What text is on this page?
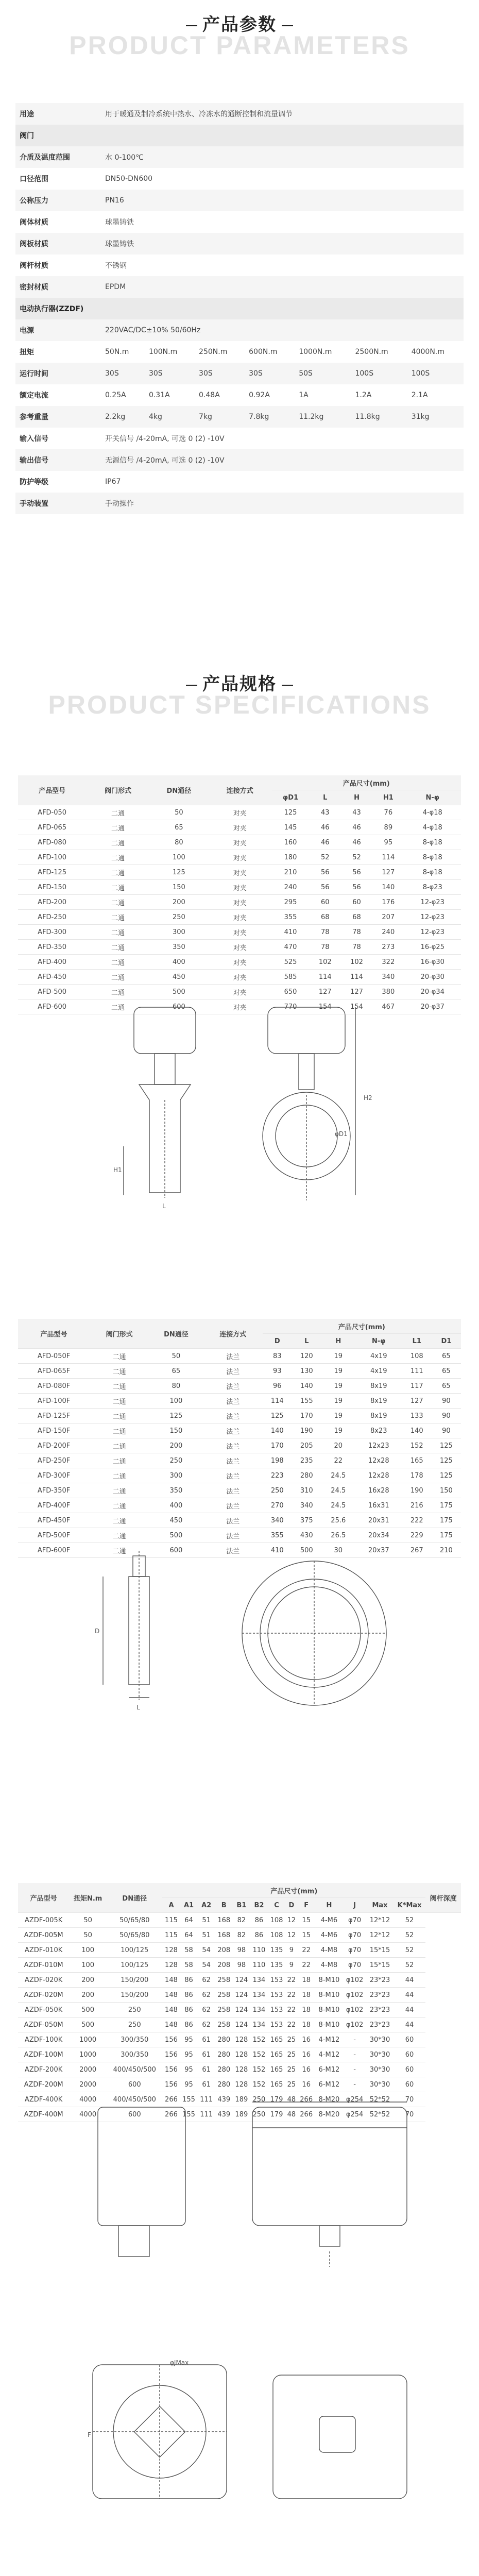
产品参数
PRODUCT PARAMETERS
用途	用于暖通及制冷系统中热水、冷冻水的通断控制和流量调节						
阀门							
介质及温度范围	水 0-100℃						
口径范围	DN50-DN600						
公称压力	PN16						
阀体材质	球墨铸铁						
阀板材质	球墨铸铁						
阀杆材质	不锈钢						
密封材质	EPDM						
电动执行器(ZZDF)							
电源	220VAC/DC±10% 50/60Hz						
扭矩	50N.m	100N.m	250N.m	600N.m	1000N.m	2500N.m	4000N.m
运行时间	30S	30S	30S	30S	50S	100S	100S
额定电流	0.25A	0.31A	0.48A	0.92A	1A	1.2A	2.1A
参考重量	2.2kg	4kg	7kg	7.8kg	11.2kg	11.8kg	31kg
输入信号	开关信号 /4-20mA, 可选 0 (2) -10V						
输出信号	无源信号 /4-20mA, 可选 0 (2) -10V						
防护等级	IP67						
手动装置	手动操作						
产品规格
PRODUCT SPECIFICATIONS
产品型号	阀门形式	DN通径	连接方式	产品尺寸(mm)				
				φD1	L	H	H1	N-φ
AFD-050	二通	50	对夹	125	43	43	76	4-φ18
AFD-065	二通	65	对夹	145	46	46	89	4-φ18
AFD-080	二通	80	对夹	160	46	46	95	8-φ18
AFD-100	二通	100	对夹	180	52	52	114	8-φ18
AFD-125	二通	125	对夹	210	56	56	127	8-φ18
AFD-150	二通	150	对夹	240	56	56	140	8-φ23
AFD-200	二通	200	对夹	295	60	60	176	12-φ23
AFD-250	二通	250	对夹	355	68	68	207	12-φ23
AFD-300	二通	300	对夹	410	78	78	240	12-φ23
AFD-350	二通	350	对夹	470	78	78	273	16-φ25
AFD-400	二通	400	对夹	525	102	102	322	16-φ30
AFD-450	二通	450	对夹	585	114	114	340	20-φ30
AFD-500	二通	500	对夹	650	127	127	380	20-φ34
AFD-600	二通	600	对夹	770	154	154	467	20-φ37
H2
H1
φD1
L
产品型号	阀门形式	DN通径	连接方式	产品尺寸(mm)					
				D	L	H	N-φ	L1	D1
AFD-050F	二通	50	法兰	83	120	19	4x19	108	65
AFD-065F	二通	65	法兰	93	130	19	4x19	111	65
AFD-080F	二通	80	法兰	96	140	19	8x19	117	65
AFD-100F	二通	100	法兰	114	155	19	8x19	127	90
AFD-125F	二通	125	法兰	125	170	19	8x19	133	90
AFD-150F	二通	150	法兰	140	190	19	8x23	140	90
AFD-200F	二通	200	法兰	170	205	20	12x23	152	125
AFD-250F	二通	250	法兰	198	235	22	12x28	165	125
AFD-300F	二通	300	法兰	223	280	24.5	12x28	178	125
AFD-350F	二通	350	法兰	250	310	24.5	16x28	190	150
AFD-400F	二通	400	法兰	270	340	24.5	16x31	216	175
AFD-450F	二通	450	法兰	340	375	25.6	20x31	222	175
AFD-500F	二通	500	法兰	355	430	26.5	20x34	229	175
AFD-600F	二通	600	法兰	410	500	30	20x37	267	210
D
L
产品型号	扭矩N.m	DN通径	产品尺寸(mm)													阀杆深度
			A	A1	A2	B	B1	B2	C	D	F	H	J	Max	K*Max	
AZDF-005K	50	50/65/80	115	64	51	168	82	86	108	12	15	4-M6	φ70	12*12	52	
AZDF-005M	50	50/65/80	115	64	51	168	82	86	108	12	15	4-M6	φ70	12*12	52	
AZDF-010K	100	100/125	128	58	54	208	98	110	135	9	22	4-M8	φ70	15*15	52	
AZDF-010M	100	100/125	128	58	54	208	98	110	135	9	22	4-M8	φ70	15*15	52	
AZDF-020K	200	150/200	148	86	62	258	124	134	153	22	18	8-M10	φ102	23*23	44	
AZDF-020M	200	150/200	148	86	62	258	124	134	153	22	18	8-M10	φ102	23*23	44	
AZDF-050K	500	250	148	86	62	258	124	134	153	22	18	8-M10	φ102	23*23	44	
AZDF-050M	500	250	148	86	62	258	124	134	153	22	18	8-M10	φ102	23*23	44	
AZDF-100K	1000	300/350	156	95	61	280	128	152	165	25	16	4-M12	-	30*30	60	
AZDF-100M	1000	300/350	156	95	61	280	128	152	165	25	16	4-M12	-	30*30	60	
AZDF-200K	2000	400/450/500	156	95	61	280	128	152	165	25	16	6-M12	-	30*30	60	
AZDF-200M	2000	600	156	95	61	280	128	152	165	25	16	6-M12	-	30*30	60	
AZDF-400K	4000	400/450/500	266	155	111	439	189	250	179	48	266	8-M20	φ254	52*52	70	
AZDF-400M	4000	600	266	155	111	439	189	250	179	48	266	8-M20	φ254	52*52	70	
F
φJMax
